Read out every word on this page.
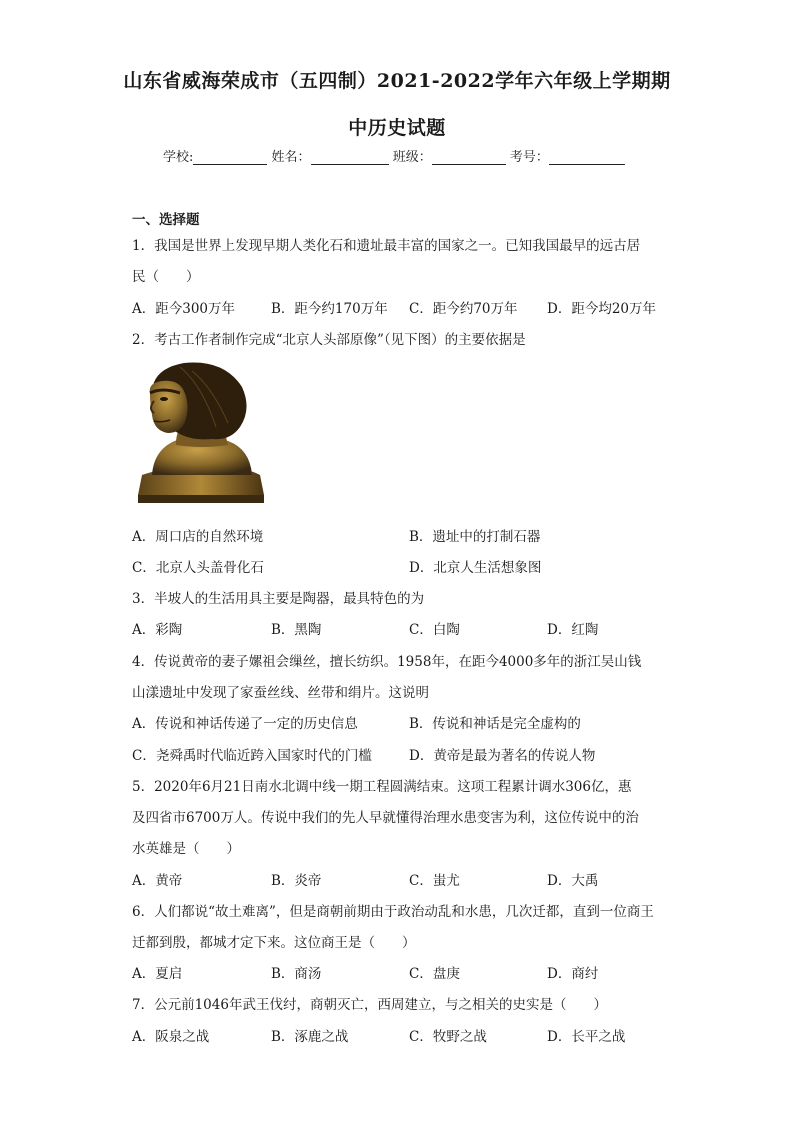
山东省威海荣成市（五四制）2021-2022学年六年级上学期期
中历史试题
学校:	姓名：	班级：	考号：
一、选择题
1．我国是世界上发现早期人类化石和遗址最丰富的国家之一。已知我国最早的远古居
民（　　）
A．距今300万年	B．距今约170万年 C．距今约70万年 D．距今均20万年
2．考古工作者制作完成“北京人头部原像”（见下图）的主要依据是
A．周口店的自然环境	B．遗址中的打制石器
C．北京人头盖骨化石	D．北京人生活想象图
3．半坡人的生活用具主要是陶器，最具特色的为
A．彩陶	B．黑陶	C．白陶	D．红陶
4．传说黄帝的妻子嫘祖会缫丝，擅长纺织。1958年，在距今4000多年的浙江吴山钱
山漾遗址中发现了家蚕丝线、丝带和绢片。这说明
A．传说和神话传递了一定的历史信息	B．传说和神话是完全虚构的
C．尧舜禹时代临近跨入国家时代的门槛	D．黄帝是最为著名的传说人物
5．2020年6月21日南水北调中线一期工程圆满结束。这项工程累计调水306亿，惠
及四省市6700万人。传说中我们的先人早就懂得治理水患变害为利，这位传说中的治
水英雄是（　　）
A．黄帝	B．炎帝	C．蚩尤	D．大禹
6．人们都说“故土难离”，但是商朝前期由于政治动乱和水患，几次迁都，直到一位商王
迁都到殷，都城才定下来。这位商王是（　　）
A．夏启	B．商汤	C．盘庚	D．商纣
7．公元前1046年武王伐纣，商朝灭亡，西周建立，与之相关的史实是（　　）
A．阪泉之战	B．涿鹿之战	C．牧野之战	D．长平之战
